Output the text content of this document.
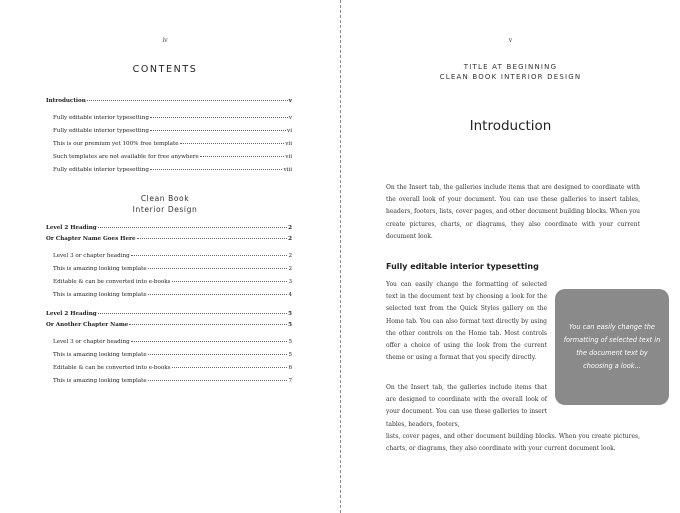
iv
CONTENTS
Introduction	v
Fully editable interior typesetting	v
Fully editable interior typesetting	vi
This is our premium yet 100% free template	vii
Such templates are not available for free anywhere	vii
Fully editable interior typesetting	viii
Clean Book
Interior Design
Level 2 Heading	2
Or Chapter Name Goes Here	2
Level 3 or chapter heading	2
This is amazing looking template	2
Editable & can be converted into e-books	3
This is amazing looking template	4
Level 2 Heading	5
Or Another Chapter Name	5
Level 3 or chapter heading	5
This is amazing looking template	5
Editable & can be converted into e-books	6
This is amazing looking template	7
v
TITLE AT BEGINNING
CLEAN BOOK INTERIOR DESIGN
Introduction

On the Insert tab, the galleries include items that are designed to coordinate with the overall look of your document. You can use these galleries to insert tables, headers, footers, lists, cover pages, and other document building blocks. When you create pictures, charts, or diagrams, they also coordinate with your current document look.

Fully editable interior typesetting

You can easily change the formatting of selected text in the document text by choosing a look for the selected text from the Quick Styles gallery on the Home tab. You can also format text directly by using the other controls on the Home tab. Most controls offer a choice of using the look from the current theme or using a format that you specify directly.

On the Insert tab, the galleries include items that are designed to coordinate with the overall look of your document. You can use these galleries to insert tables, headers, footers,

lists, cover pages, and other document building blocks. When you create pictures, charts, or diagrams, they also coordinate with your current document look.

You can easily change the formatting of selected text in the document text by choosing a look...
